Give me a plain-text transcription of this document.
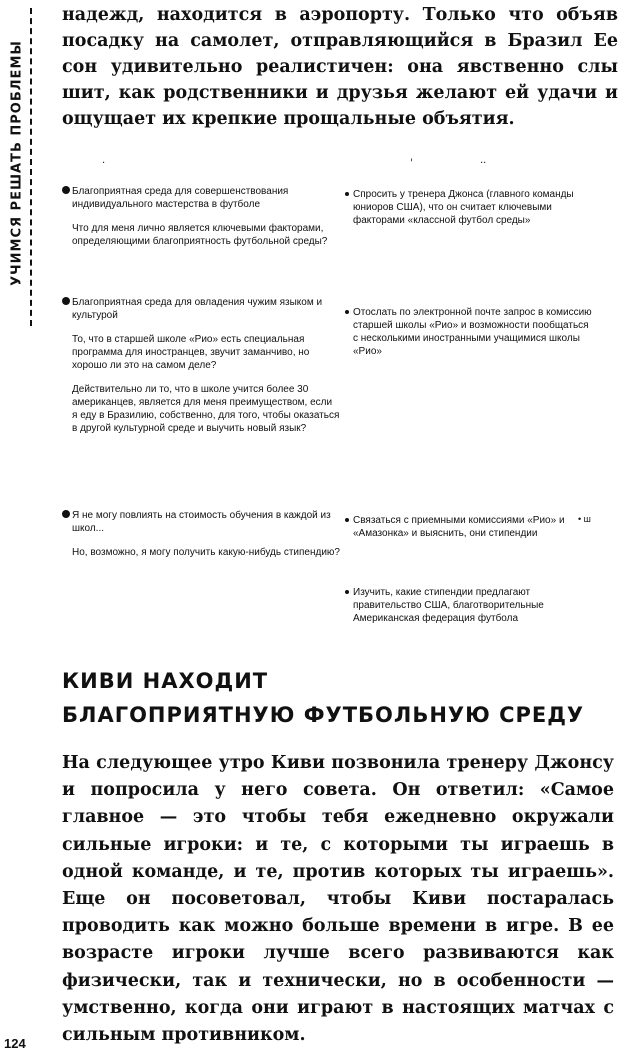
УЧИМСЯ РЕШАТЬ ПРОБЛЕМЫ
надежд, находится в аэропорту. Только что объяв посадку на самолет, отправляющийся в Бразил Ее сон удивительно реалистичен: она явственно слы шит, как родственники и друзья желают ей удачи и ощущает их крепкие прощальные объятия.
·	'	··

Благоприятная среда для совершенствования индивидуального мастерства в футболе

Что для меня лично является ключевыми факторами, определяющими благоприятность футбольной среды?

Благоприятная среда для овладения чужим языком и культурой

То, что в старшей школе «Рио» есть специальная программа для иностранцев, звучит заманчиво, но хорошо ли это на самом деле?

Действительно ли то, что в школе учится более 30 американцев, является для меня преимуществом, если я еду в Бразилию, собственно, для того, чтобы оказаться в другой культурной среде и выучить новый язык?

Я не могу повлиять на стоимость обучения в каждой из школ...

Но, возможно, я могу получить какую-нибудь стипендию?

Спросить у тренера Джонса (главного команды юниоров США), что он считает ключевыми факторами «классной футбол среды»
Отослать по электронной почте запрос в комиссию старшей школы «Рио» и возможности пообщаться с несколькими иностранными учащимися школы «Рио»
Связаться с приемными комиссиями «Рио» и «Амазонка» и выяснить, они стипендии
Изучить, какие стипендии предлагают правительство США, благотворительные Американская федерация футбола
• ш
КИВИ НАХОДИТ
БЛАГОПРИЯТНУЮ ФУТБОЛЬНУЮ СРЕДУ
На следующее утро Киви позвонила тренеру Джонсу и попросила у него совета. Он ответил: «Самое главное — это чтобы тебя ежедневно окружали сильные игроки: и те, с которыми ты играешь в одной команде, и те, против которых ты играешь». Еще он посоветовал, чтобы Киви постаралась проводить как можно больше времени в игре. В ее возрасте игроки лучше всего развиваются как физически, так и технически, но в особенности — умственно, когда они играют в настоящих матчах с сильным противником.
124
